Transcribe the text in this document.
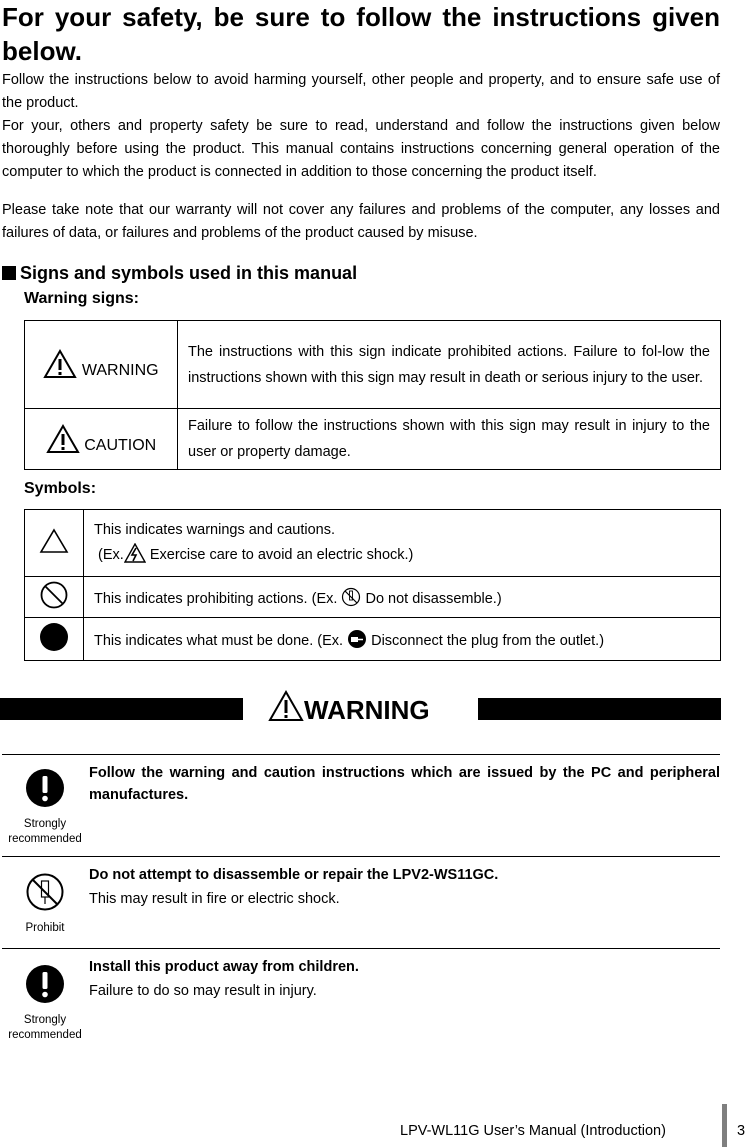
For your safety, be sure to follow the instructions given below.

Follow the instructions below to avoid harming yourself, other people and property, and to ensure safe use of the product.

For your, others and property safety be sure to read, understand and follow the instructions given below thoroughly before using the product. This manual contains instructions concerning general operation of the computer to which the product is connected in addition to those concerning the product itself.

Please take note that our warranty will not cover any failures and problems of the computer, any losses and failures of data, or failures and problems of the product caused by misuse.

Signs and symbols used in this manual
Warning signs:
WARNING	The instructions with this sign indicate prohibited actions. Failure to fol-low the instructions shown with this sign may result in death or serious injury to the user.
CAUTION	Failure to follow the instructions shown with this sign may result in injury to the user or property damage.
Symbols:

This indicates warnings and cautions.
(Ex. Exercise care to avoid an electric shock.)

	This indicates prohibiting actions. (Ex. Do not disassemble.)
	This indicates what must be done. (Ex. Disconnect the plug from the outlet.)
WARNING
Strongly recommended
Follow the warning and caution instructions which are issued by the PC and peripheral manufactures.
Prohibit
Do not attempt to disassemble or repair the LPV2-WS11GC.
This may result in fire or electric shock.
Strongly recommended
Install this product away from children.
Failure to do so may result in injury.
LPV-WL11G User’s Manual (Introduction)	3
